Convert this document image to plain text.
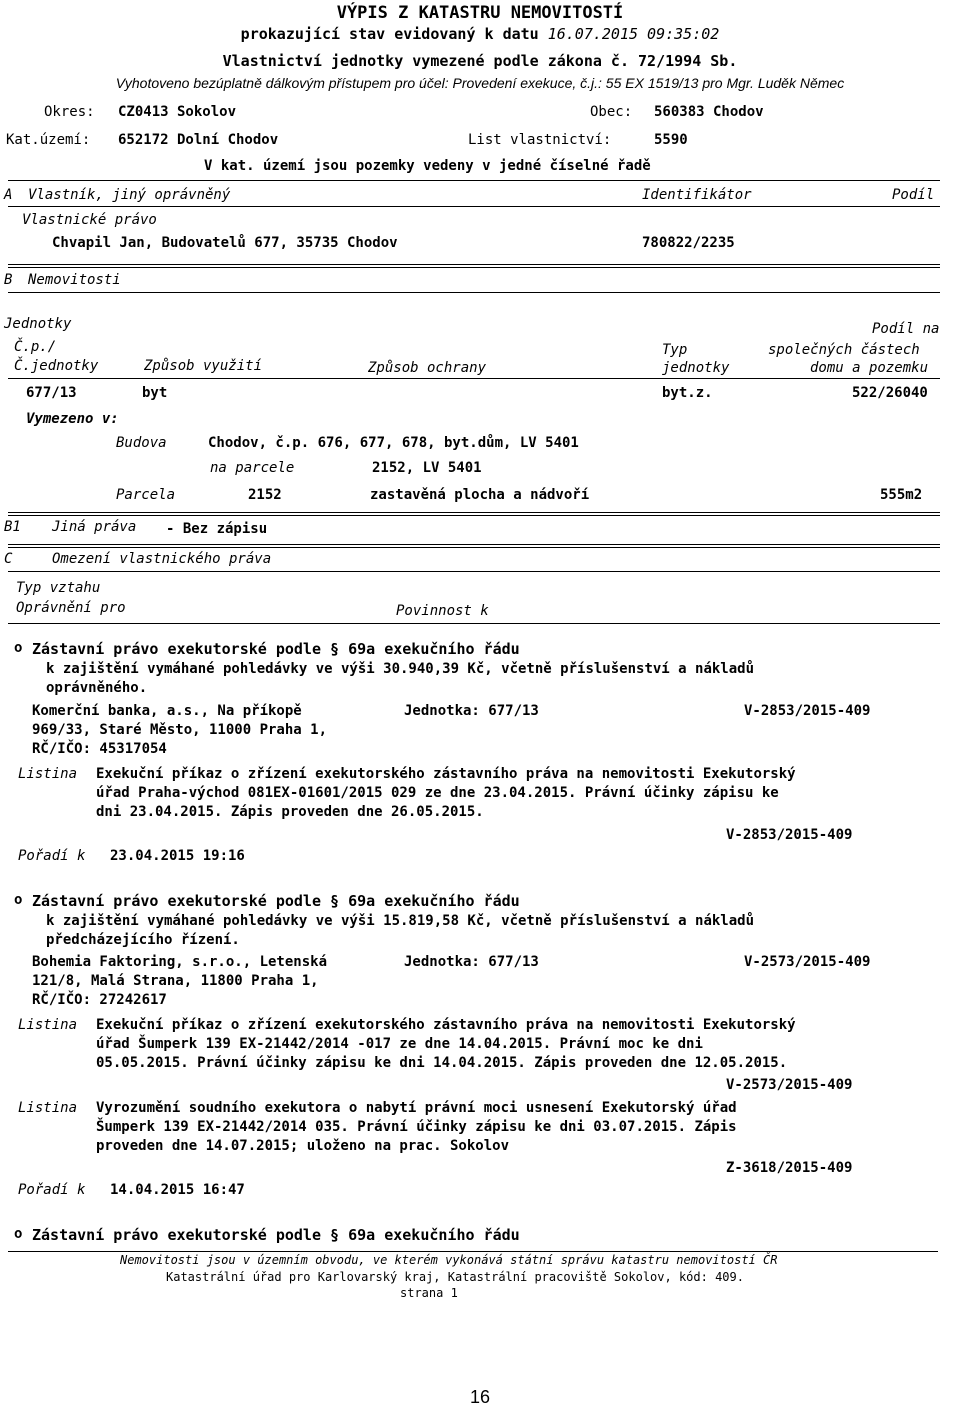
VÝPIS Z KATASTRU NEMOVITOSTÍ
prokazující stav evidovaný k datu 16.07.2015 09:35:02
Vlastnictví jednotky vymezené podle zákona č. 72/1994 Sb.
Vyhotoveno bezúplatně dálkovým přístupem pro účel: Provedení exekuce, č.j.: 55 EX 1519/13 pro Mgr. Luděk Němec
Okres: CZ0413 Sokolov	Obec: 560383 Chodov
Kat.území: 652172 Dolní Chodov	List vlastnictví:	5590
V kat. území jsou pozemky vedeny v jedné číselné řadě
A Vlastník, jiný oprávněný	Identifikátor	Podíl
Vlastnické právo
Chvapil Jan, Budovatelů 677, 35735 Chodov	780822/2235
B Nemovitosti
Jednotky
Č.p./
Č.jednotky	Způsob využití	Způsob ochrany
Typ
jednotky
Podíl na
společných částech
domu a pozemku
677/13	byt	byt.z.	522/26040
Vymezeno v:
Budova	Chodov, č.p. 676, 677, 678, byt.dům, LV 5401
na parcele	2152, LV 5401
Parcela	2152	zastavěná plocha a nádvoří	555m2
B1 Jiná práva - Bez zápisu
C	Omezení vlastnického práva
Typ vztahu
Oprávnění pro	Povinnost k
o Zástavní právo exekutorské podle § 69a exekučního řádu
k zajištění vymáhané pohledávky ve výši 30.940,39 Kč, včetně příslušenství a nákladů
oprávněného.
Komerční banka, a.s., Na příkopě
969/33, Staré Město, 11000 Praha 1,
RČ/IČO: 45317054
Jednotka: 677/13	V-2853/2015-409
Listina Exekuční příkaz o zřízení exekutorského zástavního práva na nemovitosti Exekutorský
úřad Praha-východ 081EX-01601/2015 029 ze dne 23.04.2015. Právní účinky zápisu ke
dni 23.04.2015. Zápis proveden dne 26.05.2015.
V-2853/2015-409
Pořadí k 23.04.2015 19:16
o Zástavní právo exekutorské podle § 69a exekučního řádu
k zajištění vymáhané pohledávky ve výši 15.819,58 Kč, včetně příslušenství a nákladů
předcházejícího řízení.
Bohemia Faktoring, s.r.o., Letenská
121/8, Malá Strana, 11800 Praha 1,
RČ/IČO: 27242617
Jednotka: 677/13	V-2573/2015-409
Listina Exekuční příkaz o zřízení exekutorského zástavního práva na nemovitosti Exekutorský
úřad Šumperk 139 EX-21442/2014 -017 ze dne 14.04.2015. Právní moc ke dni
05.05.2015. Právní účinky zápisu ke dni 14.04.2015. Zápis proveden dne 12.05.2015.
V-2573/2015-409
Listina Vyrozumění soudního exekutora o nabytí právní moci usnesení Exekutorský úřad
Šumperk 139 EX-21442/2014 035. Právní účinky zápisu ke dni 03.07.2015. Zápis
proveden dne 14.07.2015; uloženo na prac. Sokolov
Z-3618/2015-409
Pořadí k 14.04.2015 16:47
o Zástavní právo exekutorské podle § 69a exekučního řádu
Nemovitosti jsou v územním obvodu, ve kterém vykonává státní správu katastru nemovitostí ČR
Katastrální úřad pro Karlovarský kraj, Katastrální pracoviště Sokolov, kód: 409.
strana 1
16
